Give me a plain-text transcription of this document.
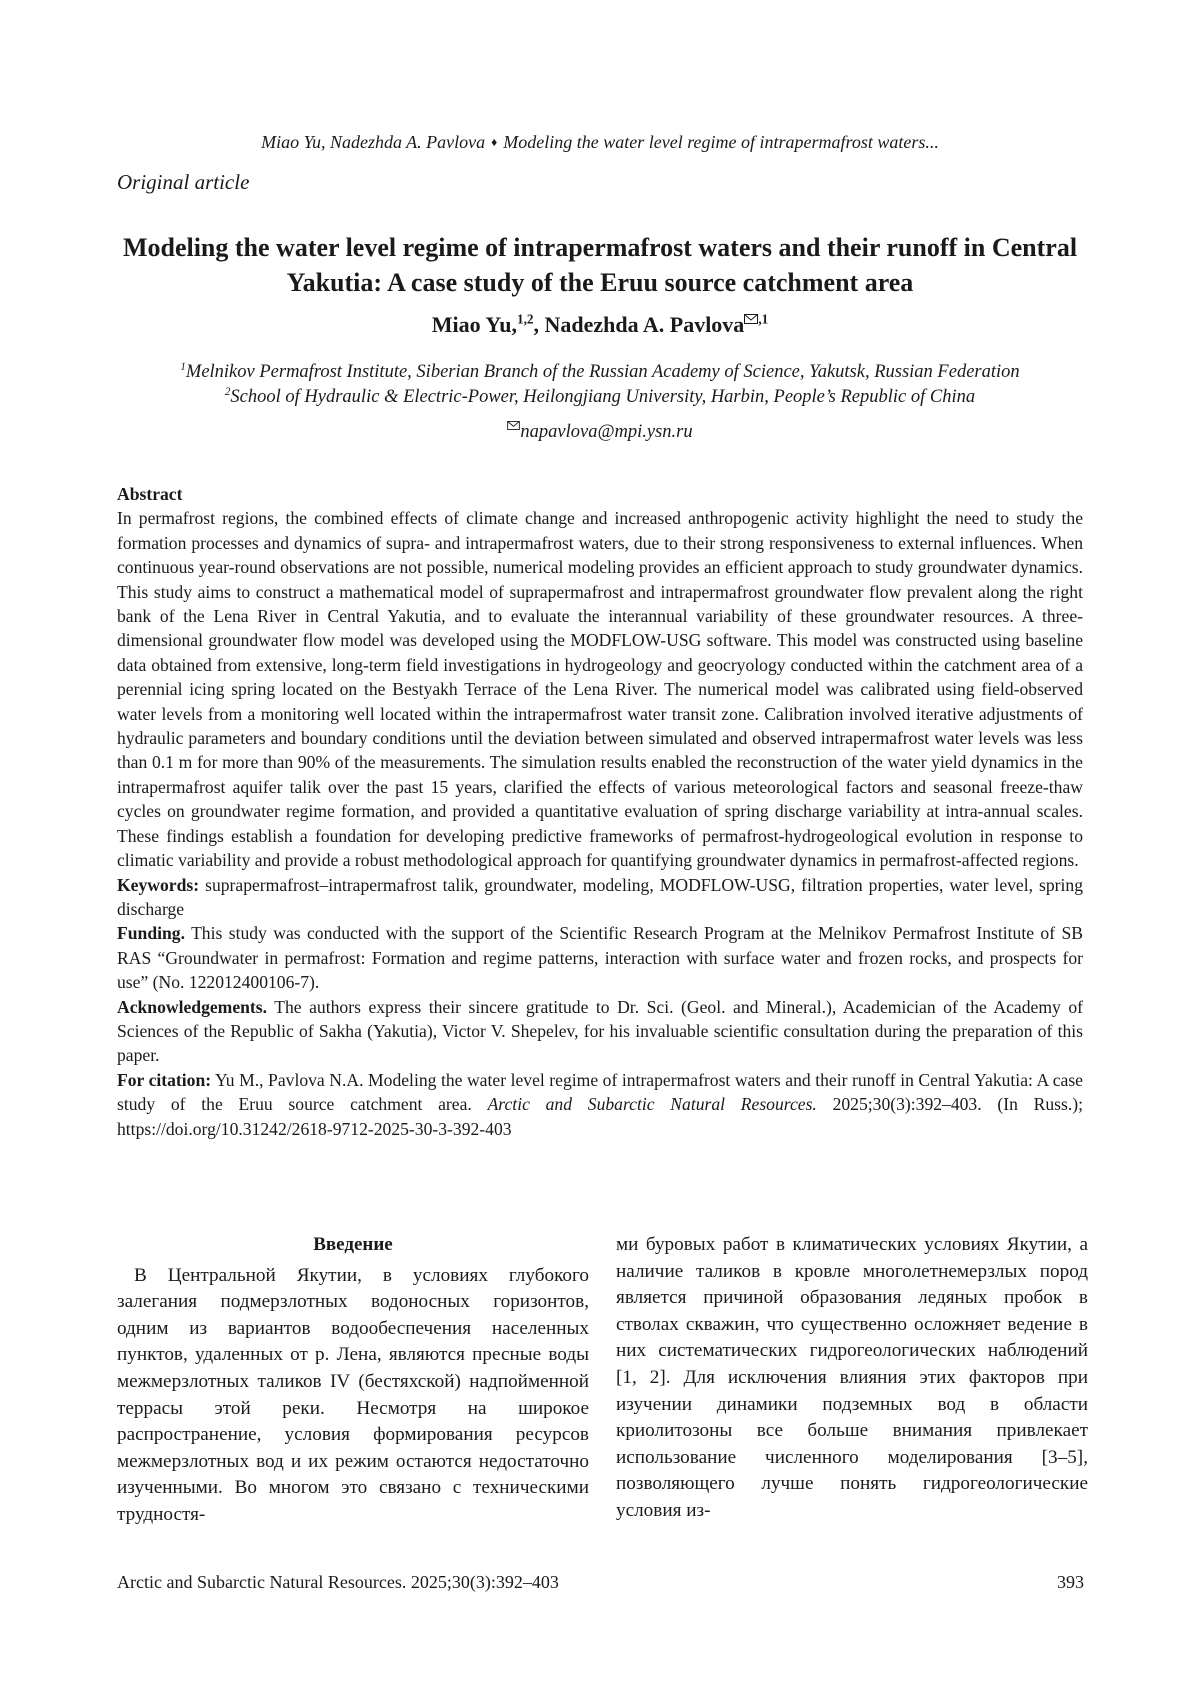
Miao Yu, Nadezhda A. Pavlova ♦ Modeling the water level regime of intrapermafrost waters...
Original article
Modeling the water level regime of intrapermafrost waters and their runoff in Central Yakutia: A case study of the Eruu source catchment area
Miao Yu,$^{1,2}$, Nadezhda A. Pavlova $^{,1}$
$^1$Melnikov Permafrost Institute, Siberian Branch of the Russian Academy of Science, Yakutsk, Russian Federation
$^2$School of Hydraulic & Electric-Power, Heilongjiang University, Harbin, People’s Republic of China
napavlova@mpi.ysn.ru

Abstract
In permafrost regions, the combined effects of climate change and increased anthropogenic activity highlight the need to study the formation processes and dynamics of supra- and intrapermafrost waters, due to their strong responsiveness to external influences. When continuous year-round observations are not possible, numerical modeling provides an efficient approach to study groundwater dynamics. This study aims to construct a mathematical model of suprapermafrost and intrapermafrost groundwater flow prevalent along the right bank of the Lena River in Central Yakutia, and to evaluate the interannual variability of these groundwater resources. A three-dimensional groundwater flow model was developed using the MODFLOW-USG software. This model was constructed using baseline data obtained from extensive, long-term field investigations in hydrogeology and geocryology conducted within the catchment area of a perennial icing spring located on the Bestyakh Terrace of the Lena River. The numerical model was calibrated using field-observed water levels from a monitoring well located within the intrapermafrost water transit zone. Calibration involved iterative adjustments of hydraulic parameters and boundary conditions until the deviation between simulated and observed intrapermafrost water levels was less than 0.1 m for more than 90% of the measurements. The simulation results enabled the reconstruction of the water yield dynamics in the intrapermafrost aquifer talik over the past 15 years, clarified the effects of various meteorological factors and seasonal freeze-thaw cycles on groundwater regime formation, and provided a quantitative evaluation of spring discharge variability at intra-annual scales. These findings establish a foundation for developing predictive frameworks of permafrost-hydrogeological evolution in response to climatic variability and provide a robust methodological approach for quantifying groundwater dynamics in permafrost-affected regions.

Keywords: suprapermafrost–intrapermafrost talik, groundwater, modeling, MODFLOW-USG, filtration properties, water level, spring discharge

Funding. This study was conducted with the support of the Scientific Research Program at the Melnikov Permafrost Institute of SB RAS “Groundwater in permafrost: Formation and regime patterns, interaction with surface water and frozen rocks, and prospects for use” (No. 122012400106-7).

Acknowledgements. The authors express their sincere gratitude to Dr. Sci. (Geol. and Mineral.), Academician of the Academy of Sciences of the Republic of Sakha (Yakutia), Victor V. Shepelev, for his invaluable scientific consultation during the preparation of this paper.

For citation: Yu M., Pavlova N.A. Modeling the water level regime of intrapermafrost waters and their runoff in Central Yakutia: A case study of the Eruu source catchment area. Arctic and Subarctic Natural Resources. 2025;30(3):392–403. (In Russ.); https://doi.org/10.31242/2618-9712-2025-30-3-392-403

Введение

В Центральной Якутии, в условиях глубокого залегания подмерзлотных водоносных горизонтов, одним из вариантов водообеспечения населенных пунктов, удаленных от р. Лена, являются пресные воды межмерзлотных таликов IV (бестяхской) надпойменной террасы этой реки. Несмотря на широкое распространение, условия формирования ресурсов межмерзлотных вод и их режим остаются недостаточно изученными. Во многом это связано с техническими трудностя-

ми буровых работ в климатических условиях Якутии, а наличие таликов в кровле многолетнемерзлых пород является причиной образования ледяных пробок в стволах скважин, что существенно осложняет ведение в них систематических гидрогеологических наблюдений [1, 2]. Для исключения влияния этих факторов при изучении динамики подземных вод в области криолитозоны все больше внимания привлекает использование численного моделирования [3–5], позволяющего лучше понять гидрогеологические условия из-

Arctic and Subarctic Natural Resources. 2025;30(3):392–403	393
